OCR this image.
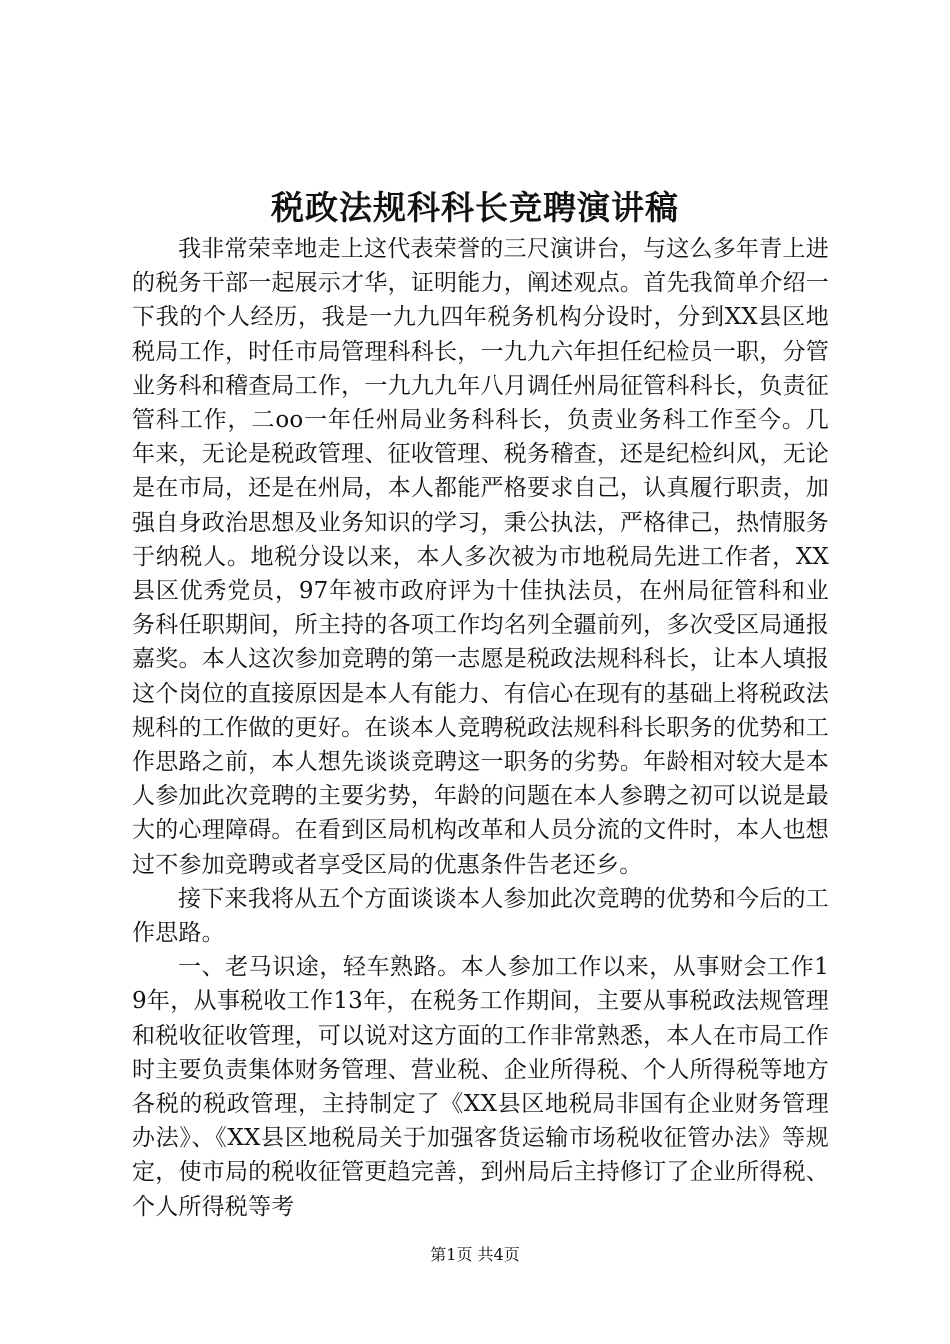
税政法规科科长竞聘演讲稿

我非常荣幸地走上这代表荣誉的三尺演讲台，与这么多年青上进的税务干部一起展示才华，证明能力，阐述观点。首先我简单介绍一下我的个人经历，我是一九九四年税务机构分设时，分到XX县区地税局工作，时任市局管理科科长，一九九六年担任纪检员一职，分管业务科和稽查局工作，一九九九年八月调任州局征管科科长，负责征管科工作，二oo一年任州局业务科科长，负责业务科工作至今。几年来，无论是税政管理、征收管理、税务稽查，还是纪检纠风，无论是在市局，还是在州局，本人都能严格要求自己，认真履行职责，加强自身政治思想及业务知识的学习，秉公执法，严格律己，热情服务于纳税人。地税分设以来，本人多次被为市地税局先进工作者，XX县区优秀党员，97年被市政府评为十佳执法员，在州局征管科和业务科任职期间，所主持的各项工作均名列全疆前列，多次受区局通报嘉奖。本人这次参加竞聘的第一志愿是税政法规科科长，让本人填报这个岗位的直接原因是本人有能力、有信心在现有的基础上将税政法规科的工作做的更好。在谈本人竞聘税政法规科科长职务的优势和工作思路之前，本人想先谈谈竞聘这一职务的劣势。年龄相对较大是本人参加此次竞聘的主要劣势，年龄的问题在本人参聘之初可以说是最大的心理障碍。在看到区局机构改革和人员分流的文件时，本人也想过不参加竞聘或者享受区局的优惠条件告老还乡。

接下来我将从五个方面谈谈本人参加此次竞聘的优势和今后的工作思路。

一、老马识途，轻车熟路。本人参加工作以来，从事财会工作19年，从事税收工作13年，在税务工作期间，主要从事税政法规管理和税收征收管理，可以说对这方面的工作非常熟悉，本人在市局工作时主要负责集体财务管理、营业税、企业所得税、个人所得税等地方各税的税政管理，主持制定了《XX县区地税局非国有企业财务管理办法》、《XX县区地税局关于加强客货运输市场税收征管办法》等规定，使市局的税收征管更趋完善，到州局后主持修订了企业所得税、个人所得税等考

第1页 共4页
